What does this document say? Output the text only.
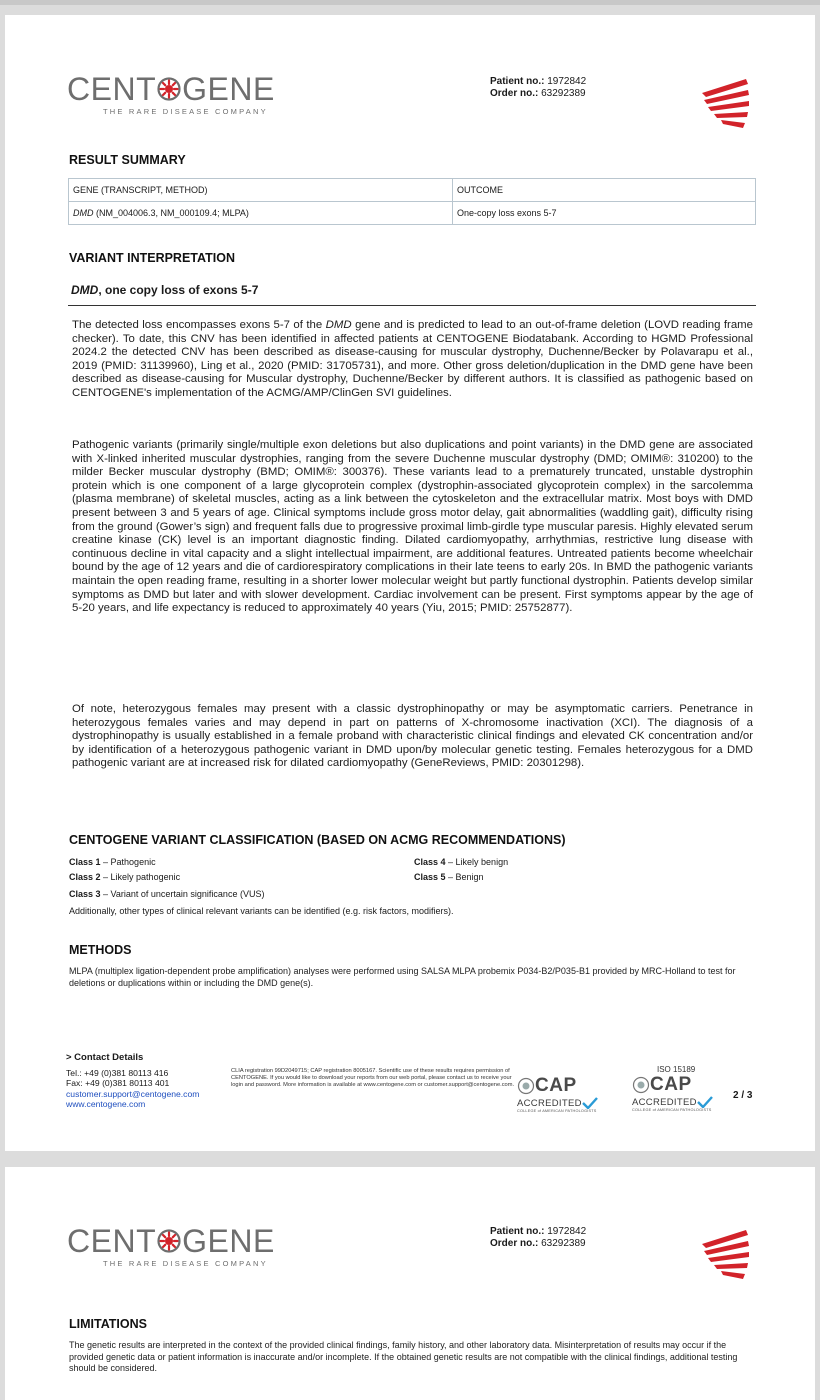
CENT GENE
THE RARE DISEASE COMPANY
Patient no.: 1972842
Order no.: 63292389
RESULT SUMMARY
GENE (TRANSCRIPT, METHOD)	OUTCOME
DMD (NM_004006.3, NM_000109.4; MLPA)	One-copy loss exons 5-7
VARIANT INTERPRETATION
DMD, one copy loss of exons 5-7
The detected loss encompasses exons 5-7 of the DMD gene and is predicted to lead to an out-of-frame deletion (LOVD reading frame checker). To date, this CNV has been identified in affected patients at CENTOGENE Biodatabank. According to HGMD Professional 2024.2 the detected CNV has been described as disease-causing for muscular dystrophy, Duchenne/Becker by Polavarapu et al., 2019 (PMID: 31139960), Ling et al., 2020 (PMID: 31705731), and more. Other gross deletion/duplication in the DMD gene have been described as disease-causing for Muscular dystrophy, Duchenne/Becker by different authors. It is classified as pathogenic based on CENTOGENE's implementation of the ACMG/AMP/ClinGen SVI guidelines.
Pathogenic variants (primarily single/multiple exon deletions but also duplications and point variants) in the DMD gene are associated with X-linked inherited muscular dystrophies, ranging from the severe Duchenne muscular dystrophy (DMD; OMIM®: 310200) to the milder Becker muscular dystrophy (BMD; OMIM®: 300376). These variants lead to a prematurely truncated, unstable dystrophin protein which is one component of a large glycoprotein complex (dystrophin-associated glycoprotein complex) in the sarcolemma (plasma membrane) of skeletal muscles, acting as a link between the cytoskeleton and the extracellular matrix. Most boys with DMD present between 3 and 5 years of age. Clinical symptoms include gross motor delay, gait abnormalities (waddling gait), difficulty rising from the ground (Gower’s sign) and frequent falls due to progressive proximal limb-girdle type muscular paresis. Highly elevated serum creatine kinase (CK) level is an important diagnostic finding. Dilated cardiomyopathy, arrhythmias, restrictive lung disease with continuous decline in vital capacity and a slight intellectual impairment, are additional features. Untreated patients become wheelchair bound by the age of 12 years and die of cardiorespiratory complications in their late teens to early 20s. In BMD the pathogenic variants maintain the open reading frame, resulting in a shorter lower molecular weight but partly functional dystrophin. Patients develop similar symptoms as DMD but later and with slower development. Cardiac involvement can be present. First symptoms appear by the age of 5-20 years, and life expectancy is reduced to approximately 40 years (Yiu, 2015; PMID: 25752877).
Of note, heterozygous females may present with a classic dystrophinopathy or may be asymptomatic carriers. Penetrance in heterozygous females varies and may depend in part on patterns of X-chromosome inactivation (XCI). The diagnosis of a dystrophinopathy is usually established in a female proband with characteristic clinical findings and elevated CK concentration and/or by identification of a heterozygous pathogenic variant in DMD upon/by molecular genetic testing. Females heterozygous for a DMD pathogenic variant are at increased risk for dilated cardiomyopathy (GeneReviews, PMID: 20301298).
CENTOGENE VARIANT CLASSIFICATION (BASED ON ACMG RECOMMENDATIONS)
Class 1 – Pathogenic
Class 2 – Likely pathogenic
Class 3 – Variant of uncertain significance (VUS)
Class 4 – Likely benign
Class 5 – Benign
Additionally, other types of clinical relevant variants can be identified (e.g. risk factors, modifiers).
METHODS
MLPA (multiplex ligation-dependent probe amplification) analyses were performed using SALSA MLPA probemix P034-B2/P035-B1 provided by MRC-Holland to test for deletions or duplications within or including the DMD gene(s).
> Contact Details
Tel.: +49 (0)381 80113 416
Fax: +49 (0)381 80113 401
customer.support@centogene.com
www.centogene.com
CLIA registration 99D2049715; CAP registration 8005167. Scientific use of these results requires permission of CENTOGENE. If you would like to download your reports from our web portal, please contact us to receive your login and password. More information is available at www.centogene.com or customer.support@centogene.com. CAP
ACCREDITED
COLLEGE of AMERICAN PATHOLOGISTS
ISO 15189
CAP
ACCREDITED
COLLEGE of AMERICAN PATHOLOGISTS
2 / 3
CENT GENE
THE RARE DISEASE COMPANY
Patient no.: 1972842
Order no.: 63292389
LIMITATIONS
The genetic results are interpreted in the context of the provided clinical findings, family history, and other laboratory data. Misinterpretation of results may occur if the provided genetic data or patient information is inaccurate and/or incomplete. If the obtained genetic results are not compatible with the clinical findings, additional testing should be considered.
